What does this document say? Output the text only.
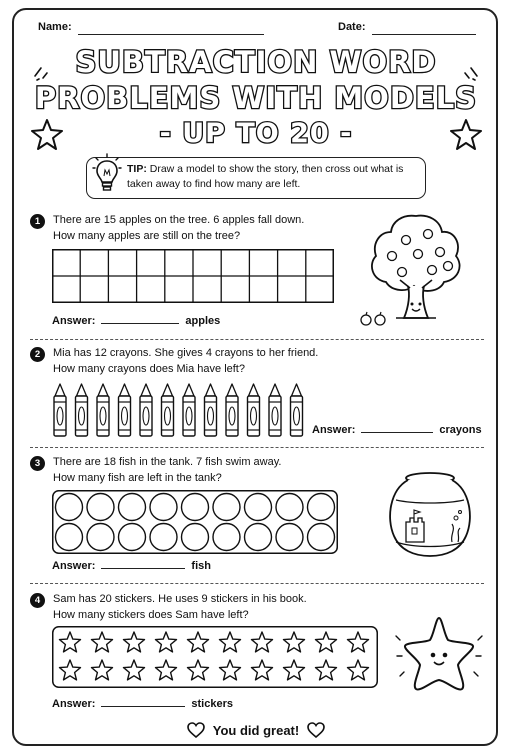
Name:	Date:
SUBTRACTION WORD
PROBLEMS WITH MODELS
- UP TO 20 -
TIP: Draw a model to show the story, then cross out what is taken away to find how many are left.
1	There are 15 apples on the tree. 6 apples fall down.
How many apples are still on the tree?
Answer:	apples
2	Mia has 12 crayons. She gives 4 crayons to her friend.
How many crayons does Mia have left?
Answer:	crayons
3	There are 18 fish in the tank. 7 fish swim away.
How many fish are left in the tank?
Answer:	fish
4	Sam has 20 stickers. He uses 9 stickers in his book.
How many stickers does Sam have left?
Answer:	stickers
You did great!
